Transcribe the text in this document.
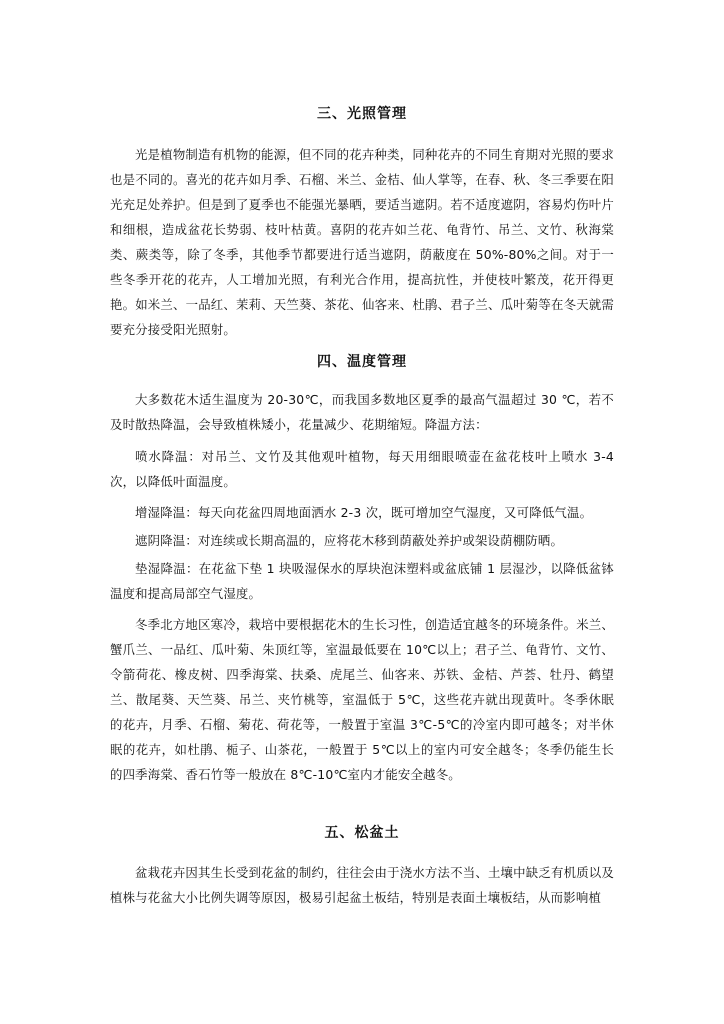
三、光照管理

光是植物制造有机物的能源，但不同的花卉种类，同种花卉的不同生育期对光照的要求也是不同的。喜光的花卉如月季、石榴、米兰、金桔、仙人掌等，在春、秋、冬三季要在阳光充足处养护。但是到了夏季也不能强光暴晒，要适当遮阴。若不适度遮阴，容易灼伤叶片和细根，造成盆花长势弱、枝叶枯黄。喜阴的花卉如兰花、龟背竹、吊兰、文竹、秋海棠类、蕨类等，除了冬季，其他季节都要进行适当遮阴，荫蔽度在 50%-80%之间。对于一些冬季开花的花卉，人工增加光照，有利光合作用，提高抗性，并使枝叶繁茂，花开得更艳。如米兰、一品红、茉莉、天竺葵、茶花、仙客来、杜鹃、君子兰、瓜叶菊等在冬天就需要充分接受阳光照射。

四、温度管理

大多数花木适生温度为 20-30℃，而我国多数地区夏季的最高气温超过 30 ℃，若不及时散热降温，会导致植株矮小，花量减少、花期缩短。降温方法：

喷水降温：对吊兰、文竹及其他观叶植物，每天用细眼喷壶在盆花枝叶上喷水 3-4 次，以降低叶面温度。

增湿降温：每天向花盆四周地面洒水 2-3 次，既可增加空气湿度，又可降低气温。

遮阴降温：对连续或长期高温的，应将花木移到荫蔽处养护或架设荫棚防晒。

垫湿降温：在花盆下垫 1 块吸湿保水的厚块泡沫塑料或盆底铺 1 层湿沙，以降低盆钵温度和提高局部空气湿度。

冬季北方地区寒冷，栽培中要根据花木的生长习性，创造适宜越冬的环境条件。米兰、蟹爪兰、一品红、瓜叶菊、朱顶红等，室温最低要在 10℃以上；君子兰、龟背竹、文竹、令箭荷花、橡皮树、四季海棠、扶桑、虎尾兰、仙客来、苏铁、金桔、芦荟、牡丹、鹤望兰、散尾葵、天竺葵、吊兰、夹竹桃等，室温低于 5℃，这些花卉就出现黄叶。冬季休眠的花卉，月季、石榴、菊花、荷花等，一般置于室温 3℃-5℃的冷室内即可越冬；对半休眠的花卉，如杜鹃、栀子、山茶花，一般置于 5℃以上的室内可安全越冬；冬季仍能生长的四季海棠、香石竹等一般放在 8℃-10℃室内才能安全越冬。

五、松盆土

盆栽花卉因其生长受到花盆的制约，往往会由于浇水方法不当、土壤中缺乏有机质以及植株与花盆大小比例失调等原因，极易引起盆土板结，特别是表面土壤板结，从而影响植
